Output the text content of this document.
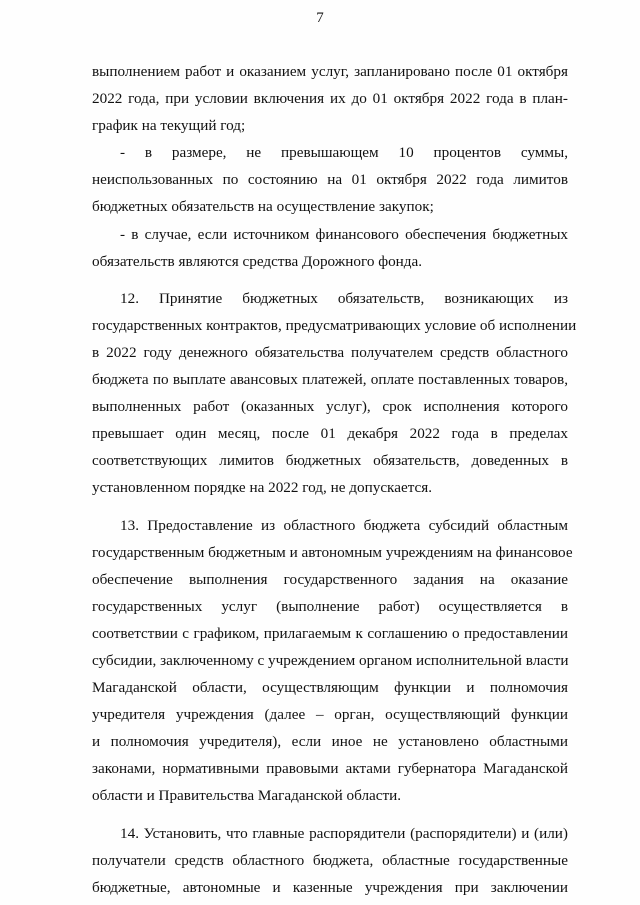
7

выполнением работ и оказанием услуг, запланировано после 01 октября
2022 года, при условии включения их до 01 октября 2022 года в план-
график на текущий год;

-    в    размере,    не    превышающем    10    процентов    суммы,
неиспользованных по состоянию на 01 октября 2022 года лимитов
бюджетных обязательств на осуществление закупок;

- в случае, если источником финансового обеспечения бюджетных
обязательств являются средства Дорожного фонда.

12.    Принятие    бюджетных    обязательств,    возникающих    из
государственных контрактов, предусматривающих условие об исполнении
в 2022 году денежного обязательства получателем средств областного
бюджета по выплате авансовых платежей, оплате поставленных товаров,
выполненных работ (оказанных услуг), срок исполнения которого
превышает один месяц, после 01 декабря 2022 года в пределах
соответствующих лимитов бюджетных обязательств, доведенных в
установленном порядке на 2022 год, не допускается.

13. Предоставление из областного бюджета субсидий областным
государственным бюджетным и автономным учреждениям на финансовое
обеспечение выполнения государственного задания на оказание
государственных услуг (выполнение работ) осуществляется в
соответствии с графиком, прилагаемым к соглашению о предоставлении
субсидии, заключенному с учреждением органом исполнительной власти
Магаданской области, осуществляющим функции и полномочия
учредителя учреждения (далее – орган, осуществляющий функции
и полномочия учредителя), если иное не установлено областными
законами, нормативными правовыми актами губернатора Магаданской
области и Правительства Магаданской области.

14. Установить, что главные распорядители (распорядители) и (или)
получатели средств областного бюджета, областные государственные
бюджетные, автономные и казенные учреждения при заключении
